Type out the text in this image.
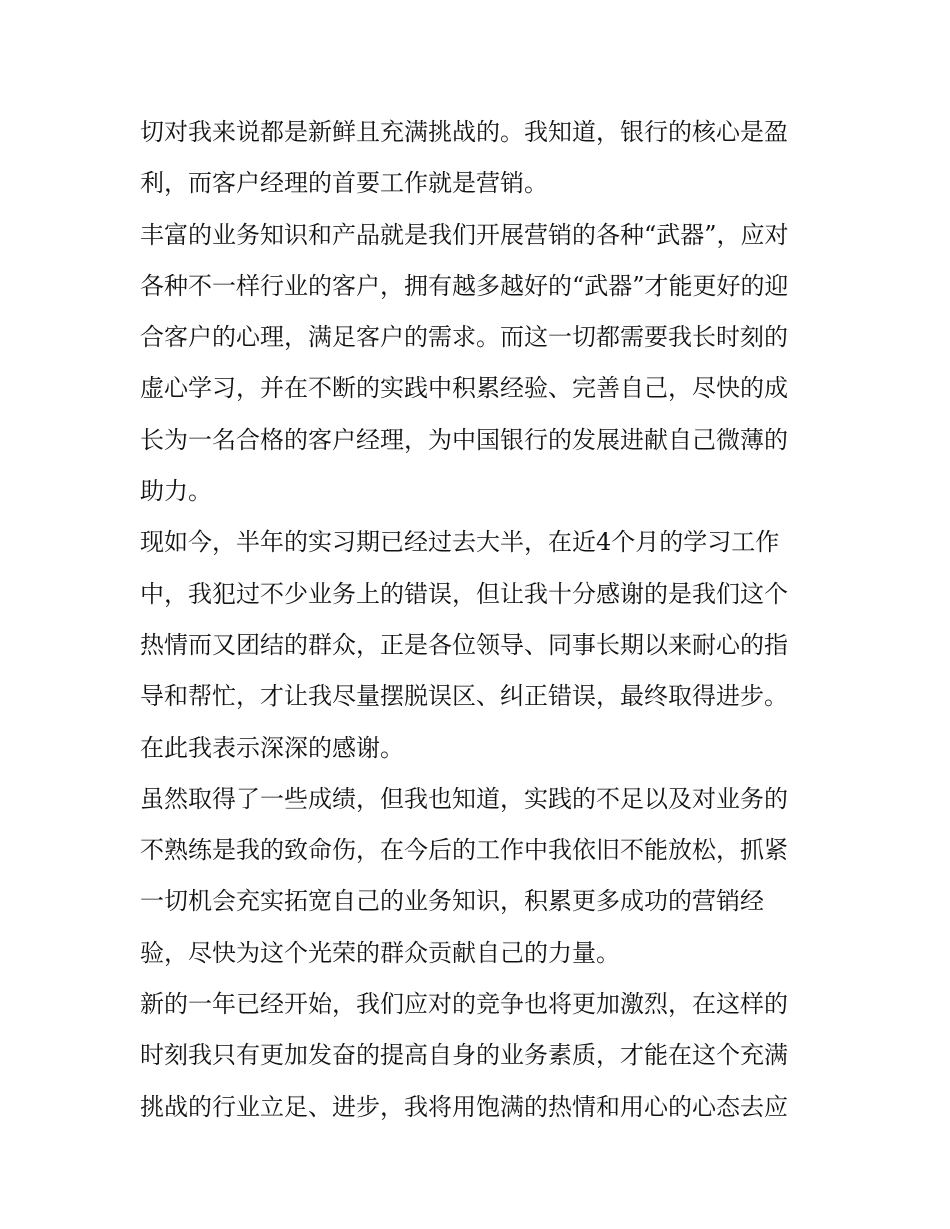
切对我来说都是新鲜且充满挑战的。我知道，银行的核心是盈
利，而客户经理的首要工作就是营销。
丰富的业务知识和产品就是我们开展营销的各种“武器”，应对
各种不一样行业的客户，拥有越多越好的“武器”才能更好的迎
合客户的心理，满足客户的需求。而这一切都需要我长时刻的
虚心学习，并在不断的实践中积累经验、完善自己，尽快的成
长为一名合格的客户经理，为中国银行的发展进献自己微薄的
助力。
现如今，半年的实习期已经过去大半，在近4个月的学习工作
中，我犯过不少业务上的错误，但让我十分感谢的是我们这个
热情而又团结的群众，正是各位领导、同事长期以来耐心的指
导和帮忙，才让我尽量摆脱误区、纠正错误，最终取得进步。
在此我表示深深的感谢。
虽然取得了一些成绩，但我也知道，实践的不足以及对业务的
不熟练是我的致命伤，在今后的工作中我依旧不能放松，抓紧
一切机会充实拓宽自己的业务知识，积累更多成功的营销经
验，尽快为这个光荣的群众贡献自己的力量。
新的一年已经开始，我们应对的竞争也将更加激烈，在这样的
时刻我只有更加发奋的提高自身的业务素质，才能在这个充满
挑战的行业立足、进步，我将用饱满的热情和用心的心态去应
